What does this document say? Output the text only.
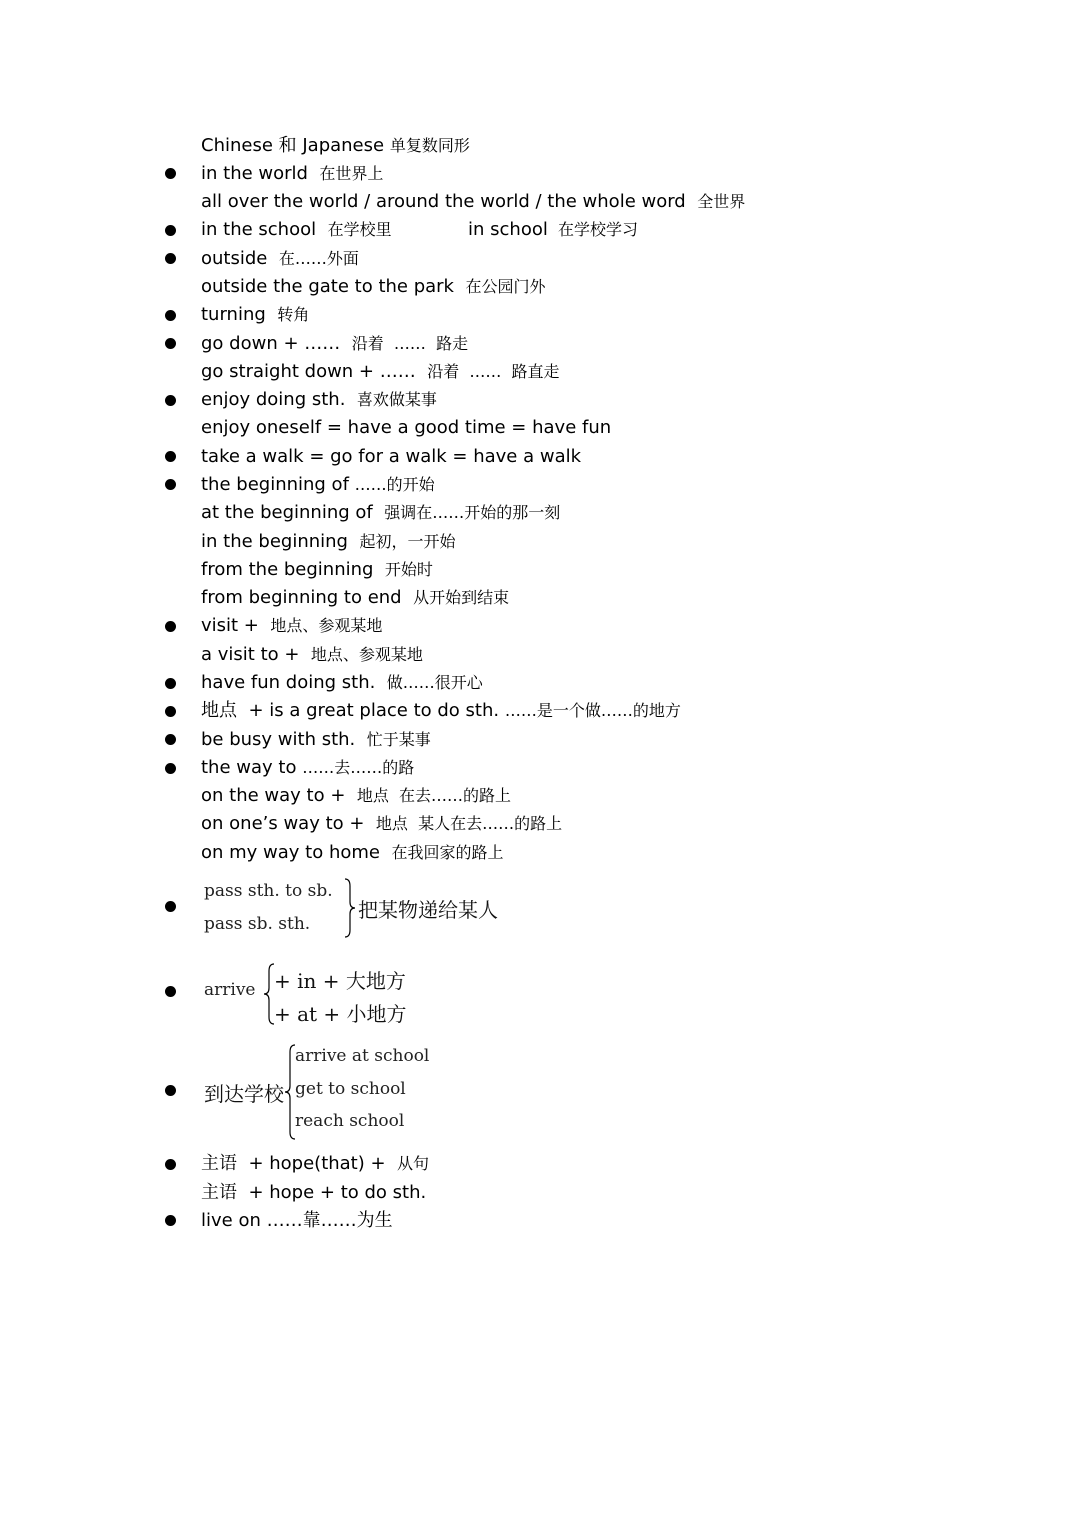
Chinese 和 Japanese 单复数同形
in the world 在世界上
all over the world / around the world / the whole word 全世界
in the school 在学校里	in school 在学校学习
outside 在……外面
outside the gate to the park 在公园门外
turning 转角
go down + …… 沿着  ……  路走
go straight down + …… 沿着  ……  路直走
enjoy doing sth. 喜欢做某事
enjoy oneself = have a good time = have fun
take a walk = go for a walk = have a walk
the beginning of ……的开始
at the beginning of 强调在……开始的那一刻
in the beginning 起初，一开始
from the beginning 开始时
from beginning to end 从开始到结束
visit + 地点、参观某地
a visit to + 地点、参观某地
have fun doing sth. 做……很开心
地点  + is a great place to do sth. ……是一个做……的地方
be busy with sth. 忙于某事
the way to ……去……的路
on the way to + 地点  在去……的路上
on one’s way to + 地点  某人在去……的路上
on my way to home 在我回家的路上
pass sth. to sb.
pass sb. sth.
把某物递给某人
arrive + in + 大地方
+ at + 小地方
到达学校
arrive at school
get to school
reach school
主语  + hope(that) + 从句
主语  + hope + to do sth.
live on ……靠……为生
